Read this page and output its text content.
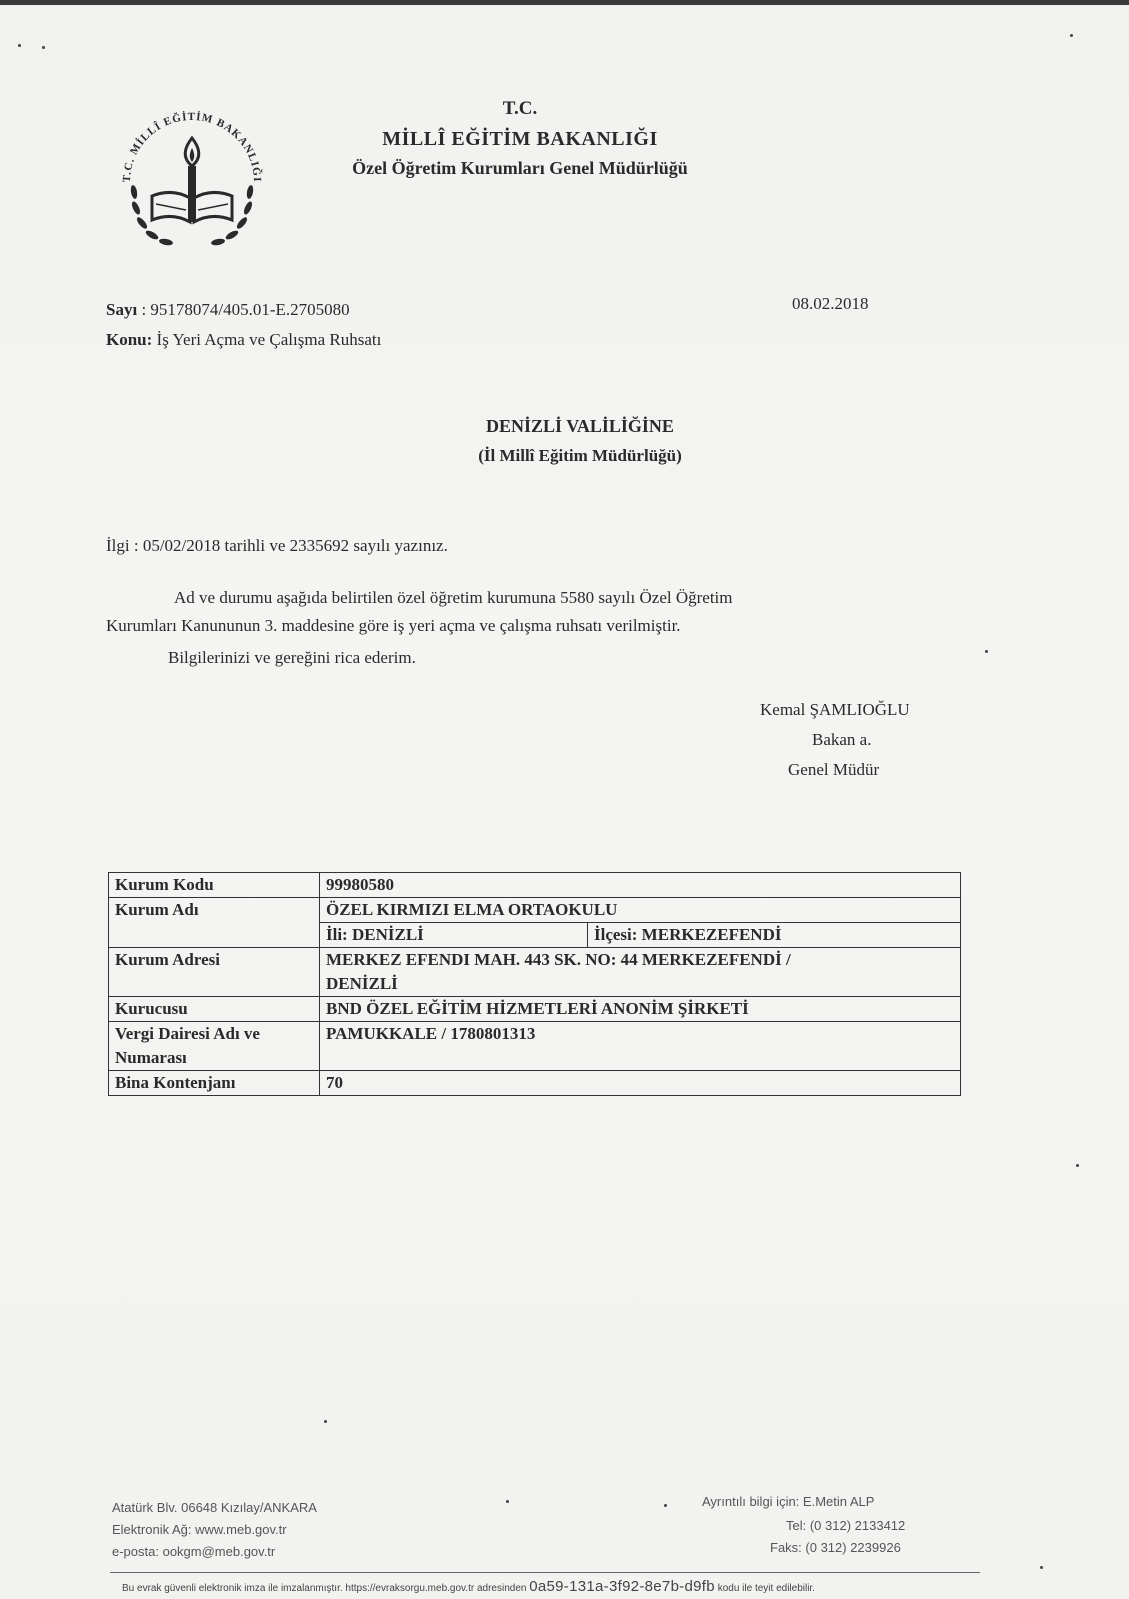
T.C. MİLLÎ EĞİTİM BAKANLIĞI
T.C.
MİLLÎ EĞİTİM BAKANLIĞI
Özel Öğretim Kurumları Genel Müdürlüğü
Sayı : 95178074/405.01-E.2705080
Konu: İş Yeri Açma ve Çalışma Ruhsatı
08.02.2018
DENİZLİ VALİLİĞİNE
(İl Millî Eğitim Müdürlüğü)
İlgi : 05/02/2018 tarihli ve 2335692 sayılı yazınız.
Ad ve durumu aşağıda belirtilen özel öğretim kurumuna 5580 sayılı Özel Öğretim
Kurumları Kanununun 3. maddesine göre iş yeri açma ve çalışma ruhsatı verilmiştir.
Bilgilerinizi ve gereğini rica ederim.
Kemal ŞAMLIOĞLU
Bakan a.
Genel Müdür
Kurum Kodu	99980580
Kurum Adı	ÖZEL KIRMIZI ELMA ORTAOKULU

	İli: DENİZLİ İlçesi: MERKEZEFENDİ

Kurum Adresi	MERKEZ EFENDI MAH. 443 SK. NO: 44 MERKEZEFENDİ /
DENİZLİ

Kurucusu	BND ÖZEL EĞİTİM HİZMETLERİ ANONİM ŞİRKETİ

Vergi Dairesi Adı ve
Numarası	PAMUKKALE / 1780801313
Bina Kontenjanı	70
Atatürk Blv. 06648 Kızılay/ANKARA
Elektronik Ağ: www.meb.gov.tr
e-posta: ookgm@meb.gov.tr
Ayrıntılı bilgi için: E.Metin ALP
Tel: (0 312) 2133412
Faks: (0 312) 2239926
Bu evrak güvenli elektronik imza ile imzalanmıştır. https://evraksorgu.meb.gov.tr adresinden 0a59-131a-3f92-8e7b-d9fb kodu ile teyit edilebilir.
